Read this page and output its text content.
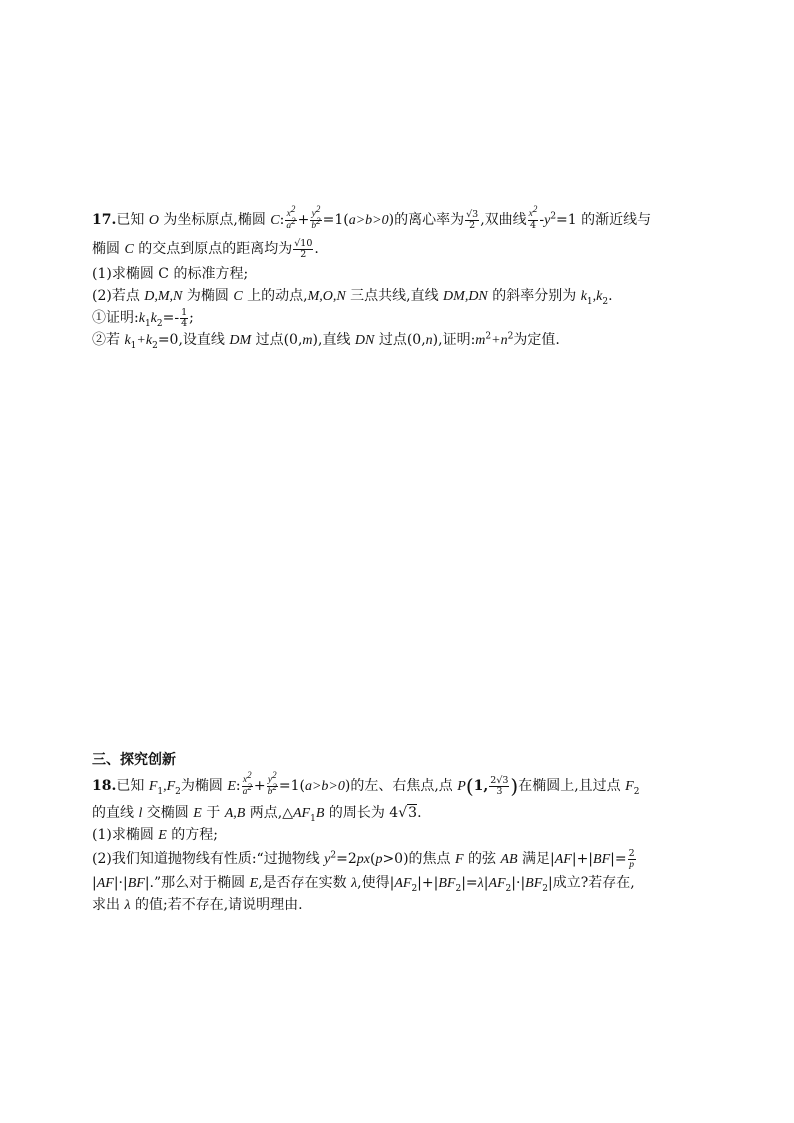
17.已知 O 为坐标原点,椭圆 C: $\frac{x^2}{a^2} + \frac{y^2}{b^2} =1(a>b>0)$的离心率为 $\frac{√3}{2}$ ,双曲线 $\frac{x^2}{4} -y^2=1$ 的渐近线与
椭圆 C 的交点到原点的距离均为 $\frac{√10}{2}$ .
(1)求椭圆 C 的标准方程;
(2)若点 D,M,N 为椭圆 C 上的动点,M,O,N 三点共线,直线 DM,DN 的斜率分别为 $k_1,k_2$.
①证明$:k_1k_2=- \frac{1}{4}$ ;
②若 $k_1+k_2=0$,设直线 DM 过点(0,m),直线 DN 过点(0,n),证明$:m^2+n^2$为定值.
三、探究创新
18.已知 $F_1,F_2$为椭圆 E: $\frac{x^2}{a^2} + \frac{y^2}{b^2} =1(a>b>0)$的左、右焦点,点 P(1, $\frac{2√3}{3}$ )在椭圆上,且过点 $F_2$
的直线 l 交椭圆 E 于 A,B 两点$,\triangle AF_1B$ 的周长为 4√3.
(1)求椭圆 E 的方程;
(2)我们知道抛物线有性质:“过抛物线 $y^2=2px(p>0)$的焦点 F 的弦 AB 满足$|AF|+|BF|= \frac{2}{p}$
|AF|·|BF|.”那么对于椭圆 E,是否存在实数 λ,使得$|AF_2|+|BF_2|=\lambda|AF_2|\cdot|BF_2|$成立?若存在,
求出 λ 的值;若不存在,请说明理由.
